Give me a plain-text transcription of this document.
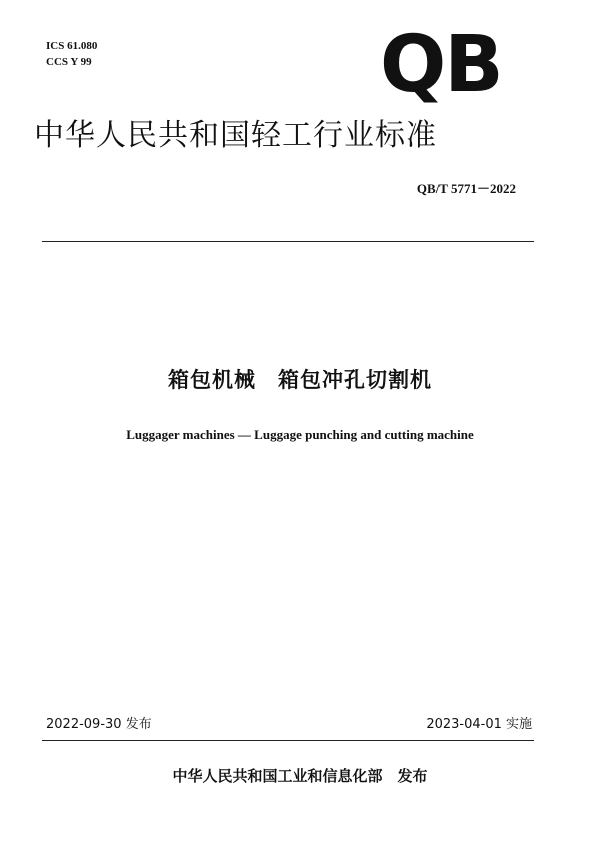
ICS 61.080
CCS Y 99	QB
中华人民共和国轻工行业标准
QB/T 5771－2022
箱包机械　箱包冲孔切割机
Luggager machines — Luggage punching and cutting machine
2022-09-30 发布	2023-04-01 实施
中华人民共和国工业和信息化部　发布
